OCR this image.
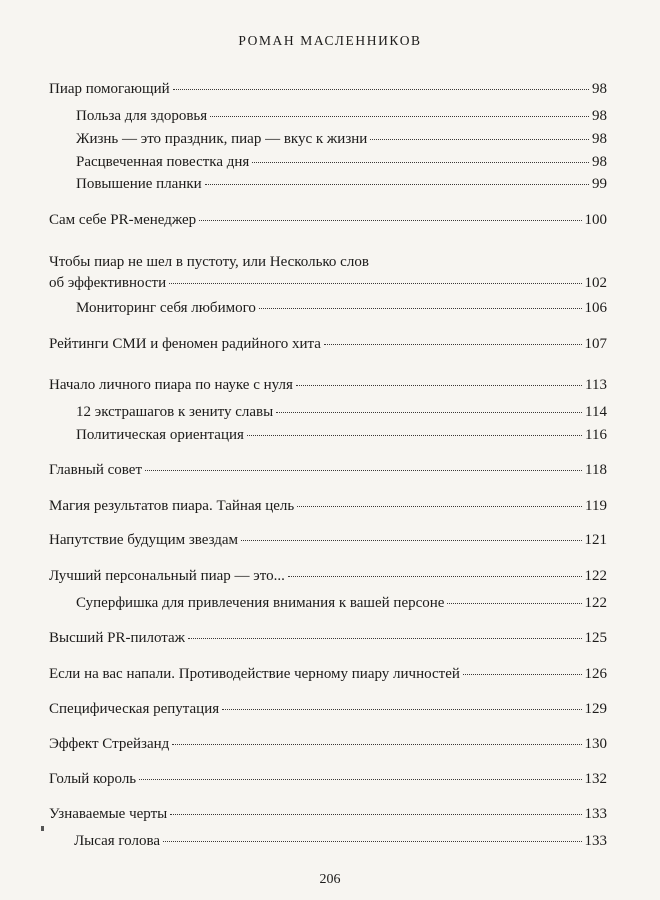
РОМАН МАСЛЕННИКОВ
Пиар помогающий	98
Польза для здоровья	98
Жизнь — это праздник, пиар — вкус к жизни	98
Расцвеченная повестка дня	98
Повышение планки	99
Сам себе PR-менеджер	100
Чтобы пиар не шел в пустоту, или Несколько слов
об эффективности	102
Мониторинг себя любимого	106
Рейтинги СМИ и феномен радийного хита	107
Начало личного пиара по науке с нуля	113
12 экстрашагов к зениту славы	114
Политическая ориентация	116
Главный совет	118
Магия результатов пиара. Тайная цель	119
Напутствие будущим звездам	121
Лучший персональный пиар — это...	122
Суперфишка для привлечения внимания к вашей персоне	122
Высший PR-пилотаж	125
Если на вас напали. Противодействие черному пиару личностей	126
Специфическая репутация	129
Эффект Стрейзанд	130
Голый король	132
Узнаваемые черты	133
Лысая голова	133
206
